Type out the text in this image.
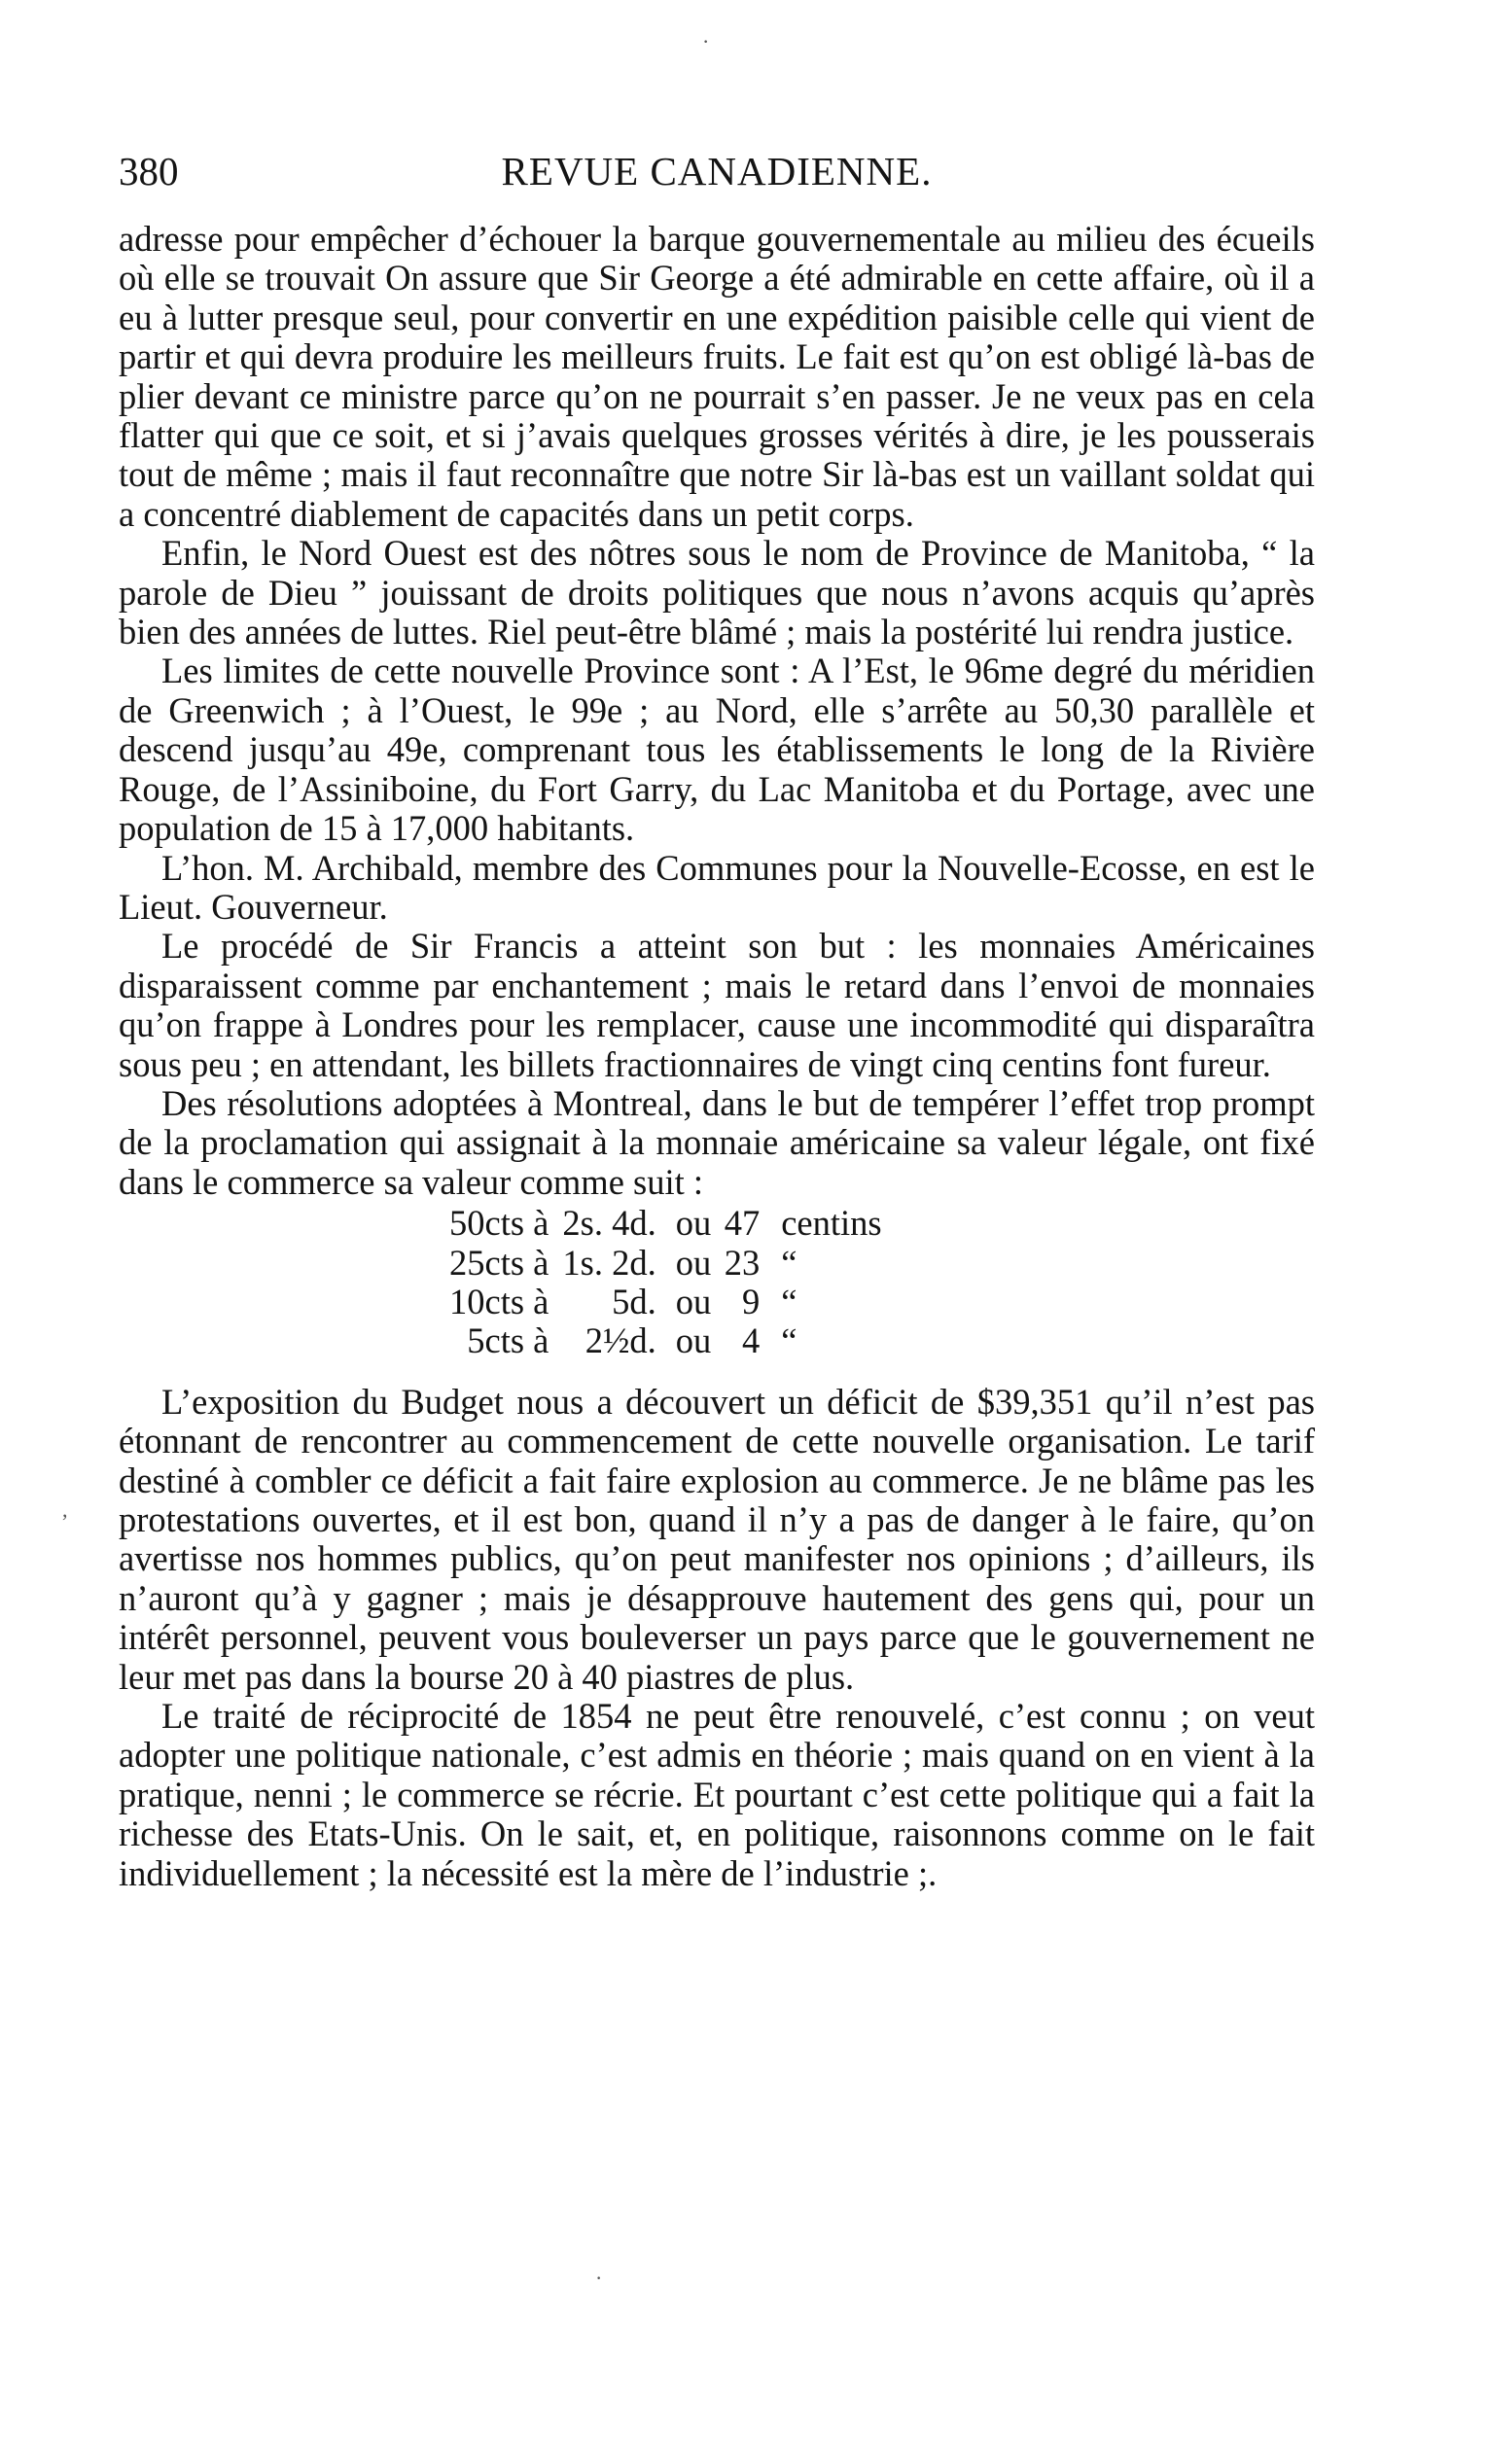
380	REVUE CANADIENNE.

adresse pour empêcher d’échouer la barque gouvernementale au milieu des écueils où elle se trouvait On assure que Sir George a été admirable en cette affaire, où il a eu à lutter presque seul, pour convertir en une expédition paisible celle qui vient de partir et qui devra produire les meilleurs fruits. Le fait est qu’on est obligé là-bas de plier devant ce ministre parce qu’on ne pourrait s’en passer. Je ne veux pas en cela flatter qui que ce soit, et si j’avais quelques grosses vérités à dire, je les pousserais tout de même ; mais il faut reconnaître que notre Sir là-bas est un vaillant soldat qui a concentré diablement de capacités dans un petit corps.

Enfin, le Nord Ouest est des nôtres sous le nom de Province de Manitoba, “ la parole de Dieu ” jouissant de droits politiques que nous n’avons acquis qu’après bien des années de luttes. Riel peut-être blâmé ; mais la postérité lui rendra justice.

Les limites de cette nouvelle Province sont : A l’Est, le 96me degré du méridien de Greenwich ; à l’Ouest, le 99e ; au Nord, elle s’arrête au 50,30 parallèle et descend jusqu’au 49e, comprenant tous les établissements le long de la Rivière Rouge, de l’Assiniboine, du Fort Garry, du Lac Manitoba et du Portage, avec une population de 15 à 17,000 habitants.

L’hon. M. Archibald, membre des Communes pour la Nouvelle-Ecosse, en est le Lieut. Gouverneur.

Le procédé de Sir Francis a atteint son but : les monnaies Américaines disparaissent comme par enchantement ; mais le retard dans l’envoi de monnaies qu’on frappe à Londres pour les remplacer, cause une incommodité qui disparaîtra sous peu ; en attendant, les billets fractionnaires de vingt cinq centins font fureur.

Des résolutions adoptées à Montreal, dans le but de tempérer l’effet trop prompt de la proclamation qui assignait à la monnaie américaine sa valeur légale, ont fixé dans le commerce sa valeur comme suit :

50cts à	2s. 4d.	ou	47	centins
25cts à	1s. 2d.	ou	23	“
10cts à	5d.	ou	9	“
5cts à	2½d.	ou	4	“

L’exposition du Budget nous a découvert un déficit de $39,351 qu’il n’est pas étonnant de rencontrer au commencement de cette nouvelle organisation. Le tarif destiné à combler ce déficit a fait faire explosion au commerce. Je ne blâme pas les protestations ouvertes, et il est bon, quand il n’y a pas de danger à le faire, qu’on avertisse nos hommes publics, qu’on peut manifester nos opinions ; d’ailleurs, ils n’auront qu’à y gagner ; mais je désapprouve hautement des gens qui, pour un intérêt personnel, peuvent vous bouleverser un pays parce que le gouvernement ne leur met pas dans la bourse 20 à 40 piastres de plus.

Le traité de réciprocité de 1854 ne peut être renouvelé, c’est connu ; on veut adopter une politique nationale, c’est admis en théorie ; mais quand on en vient à la pratique, nenni ; le commerce se récrie. Et pourtant c’est cette politique qui a fait la richesse des Etats-Unis. On le sait, et, en politique, raisonnons comme on le fait individuellement ; la nécessité est la mère de l’industrie ;.

·
,
·
